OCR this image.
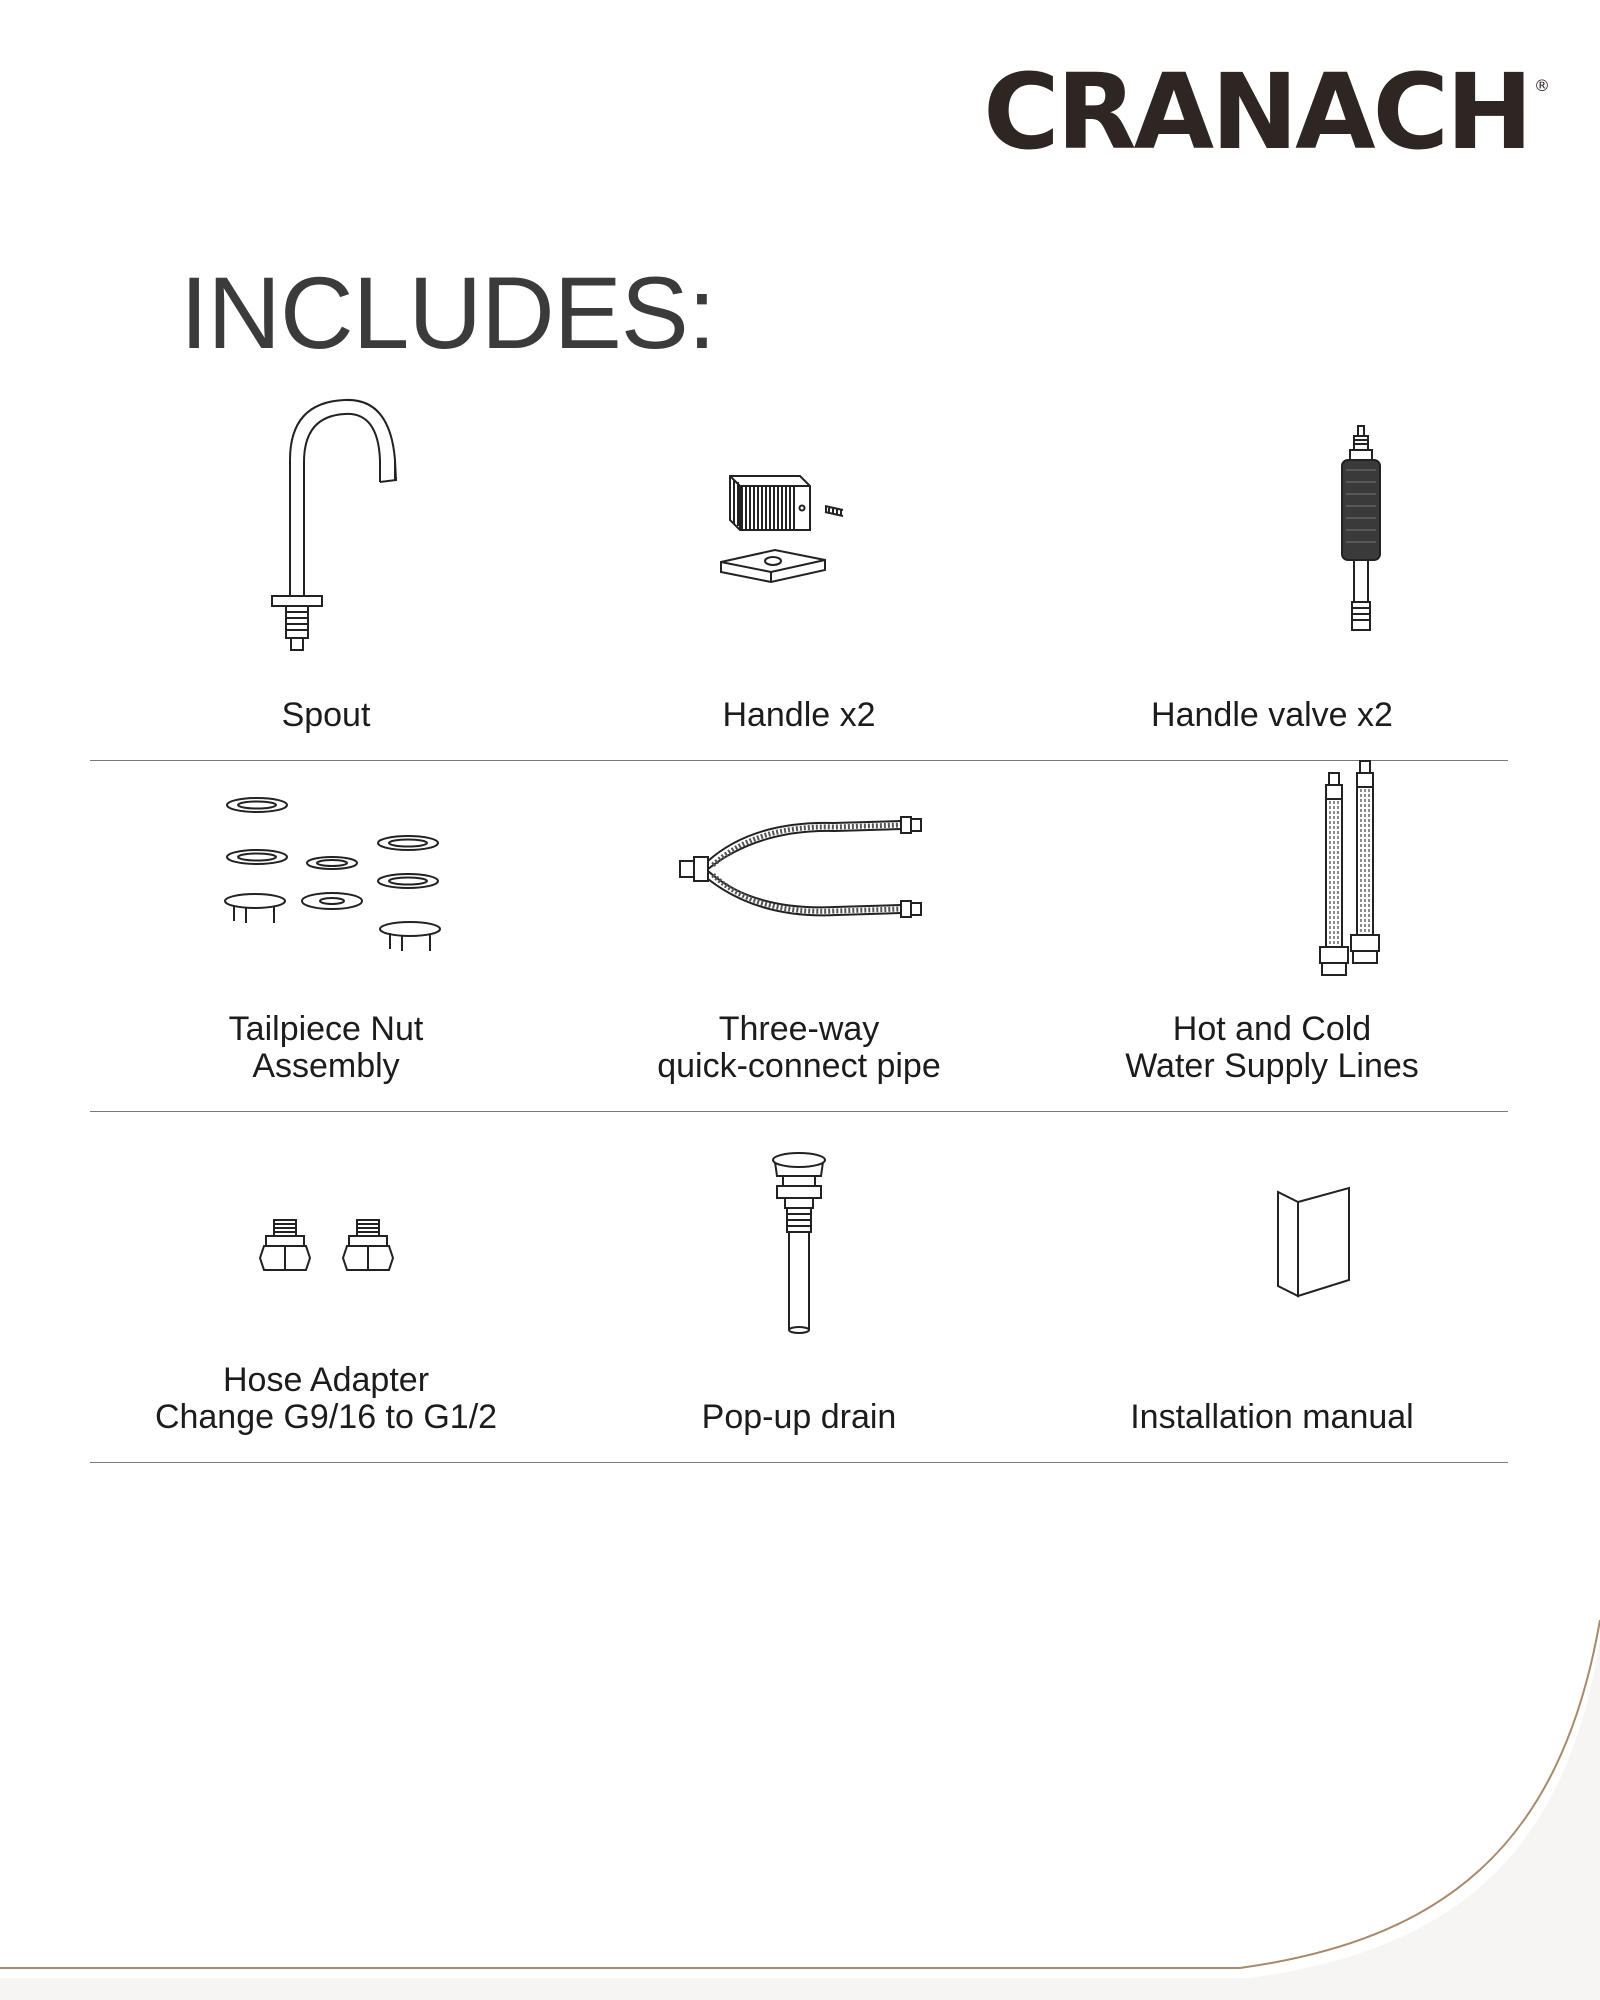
CRANACH ®
INCLUDES:
Spout	Handle x2	Handle valve x2
Tailpiece Nut
Assembly
Three-way
quick-connect pipe
Hot and Cold
Water Supply Lines
Hose Adapter
Change G9/16 to G1/2	Pop-up drain	Installation manual
